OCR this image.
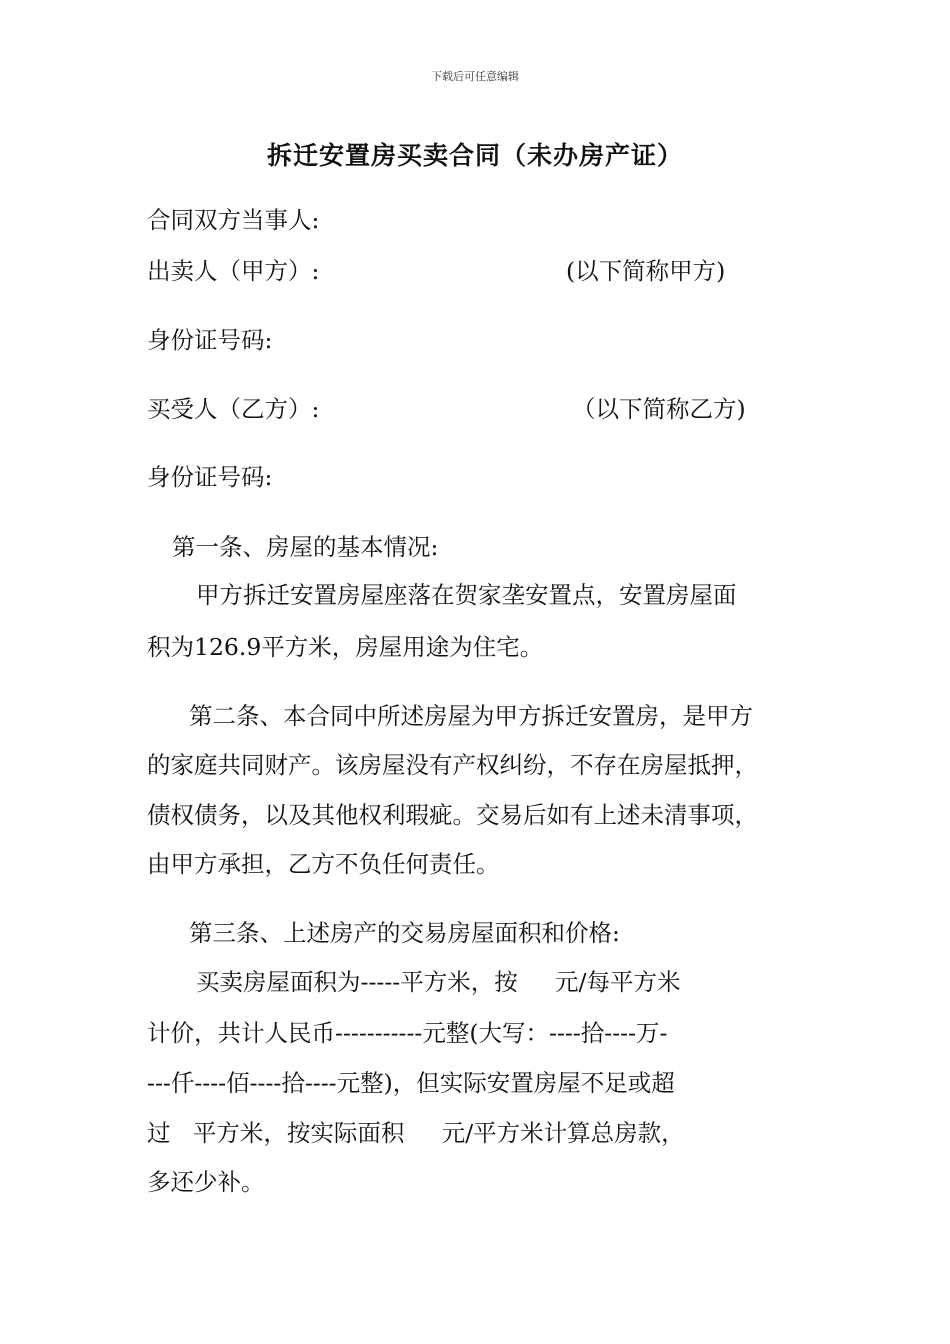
下载后可任意编辑
拆迁安置房买卖合同（未办房产证）
合同双方当事人:
出卖人（甲方）:	(以下简称甲方)
身份证号码:
买受人（乙方）:	（以下简称乙方)
身份证号码:
第一条、房屋的基本情况:
甲方拆迁安置房屋座落在贺家垄安置点，安置房屋面
积为126.9平方米，房屋用途为住宅。
第二条、本合同中所述房屋为甲方拆迁安置房，是甲方
的家庭共同财产。该房屋没有产权纠纷，不存在房屋抵押，
债权债务，以及其他权利瑕疵。交易后如有上述未清事项，
由甲方承担，乙方不负任何责任。
第三条、上述房产的交易房屋面积和价格:
买卖房屋面积为-----平方米，按     元/每平方米
计价，共计人民币-----------元整(大写：----拾----万-
---仟----佰----拾----元整)，但实际安置房屋不足或超
过   平方米，按实际面积     元/平方米计算总房款，
多还少补。
